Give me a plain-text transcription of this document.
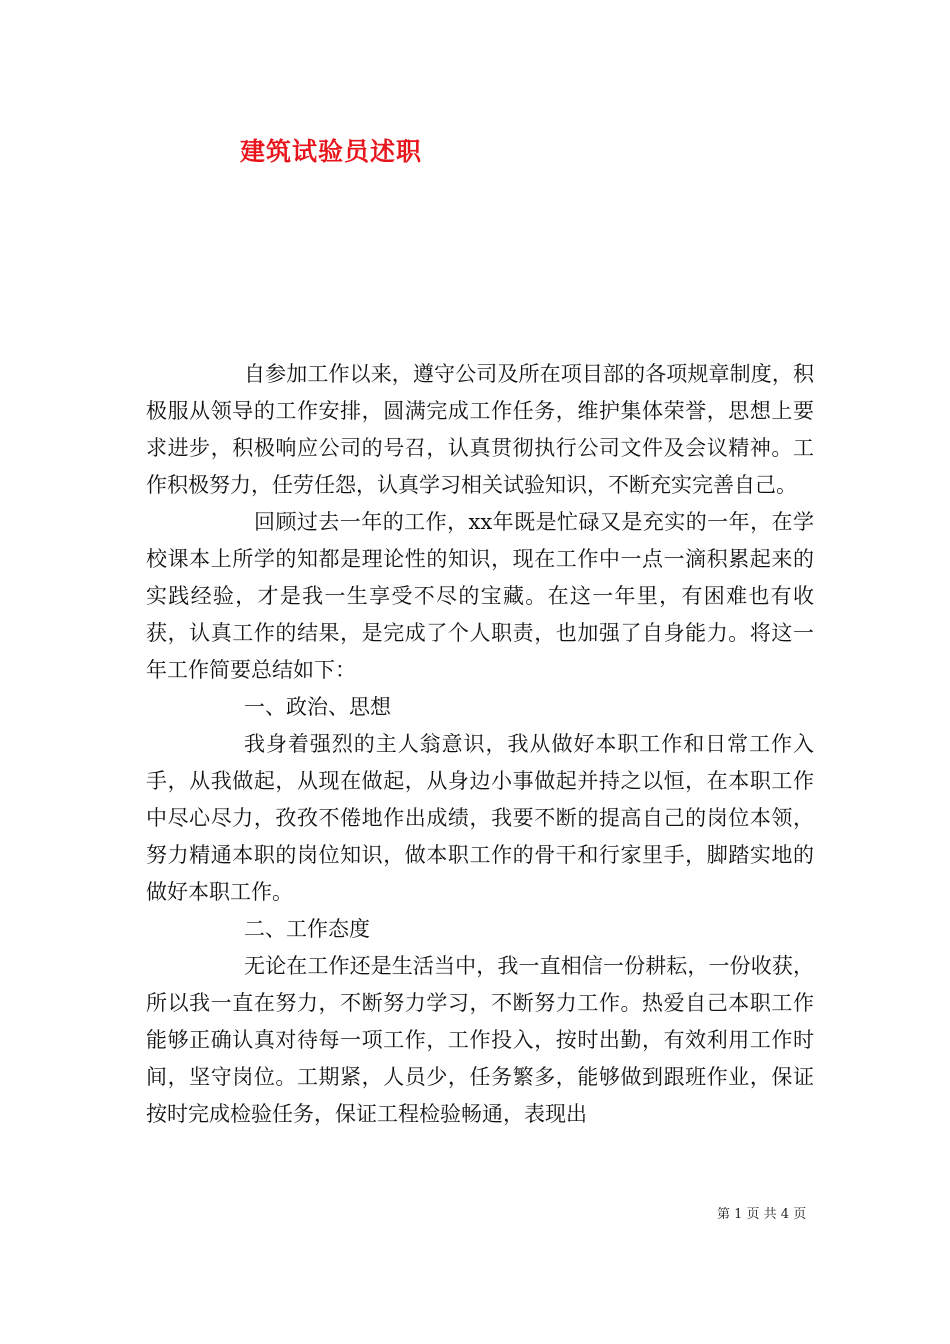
建筑试验员述职

自参加工作以来，遵守公司及所在项目部的各项规章制度，积极服从领导的工作安排，圆满完成工作任务，维护集体荣誉，思想上要求进步，积极响应公司的号召，认真贯彻执行公司文件及会议精神。工作积极努力，任劳任怨，认真学习相关试验知识，不断充实完善自己。

回顾过去一年的工作，xx年既是忙碌又是充实的一年，在学校课本上所学的知都是理论性的知识，现在工作中一点一滴积累起来的实践经验，才是我一生享受不尽的宝藏。在这一年里，有困难也有收获，认真工作的结果，是完成了个人职责，也加强了自身能力。将这一年工作简要总结如下：

一、政治、思想

我身着强烈的主人翁意识，我从做好本职工作和日常工作入手，从我做起，从现在做起，从身边小事做起并持之以恒，在本职工作中尽心尽力，孜孜不倦地作出成绩，我要不断的提高自己的岗位本领，努力精通本职的岗位知识，做本职工作的骨干和行家里手，脚踏实地的做好本职工作。

二、工作态度

无论在工作还是生活当中，我一直相信一份耕耘，一份收获，所以我一直在努力，不断努力学习，不断努力工作。热爱自己本职工作能够正确认真对待每一项工作，工作投入，按时出勤，有效利用工作时间，坚守岗位。工期紧，人员少，任务繁多，能够做到跟班作业，保证按时完成检验任务，保证工程检验畅通，表现出

第 1 页 共 4 页
